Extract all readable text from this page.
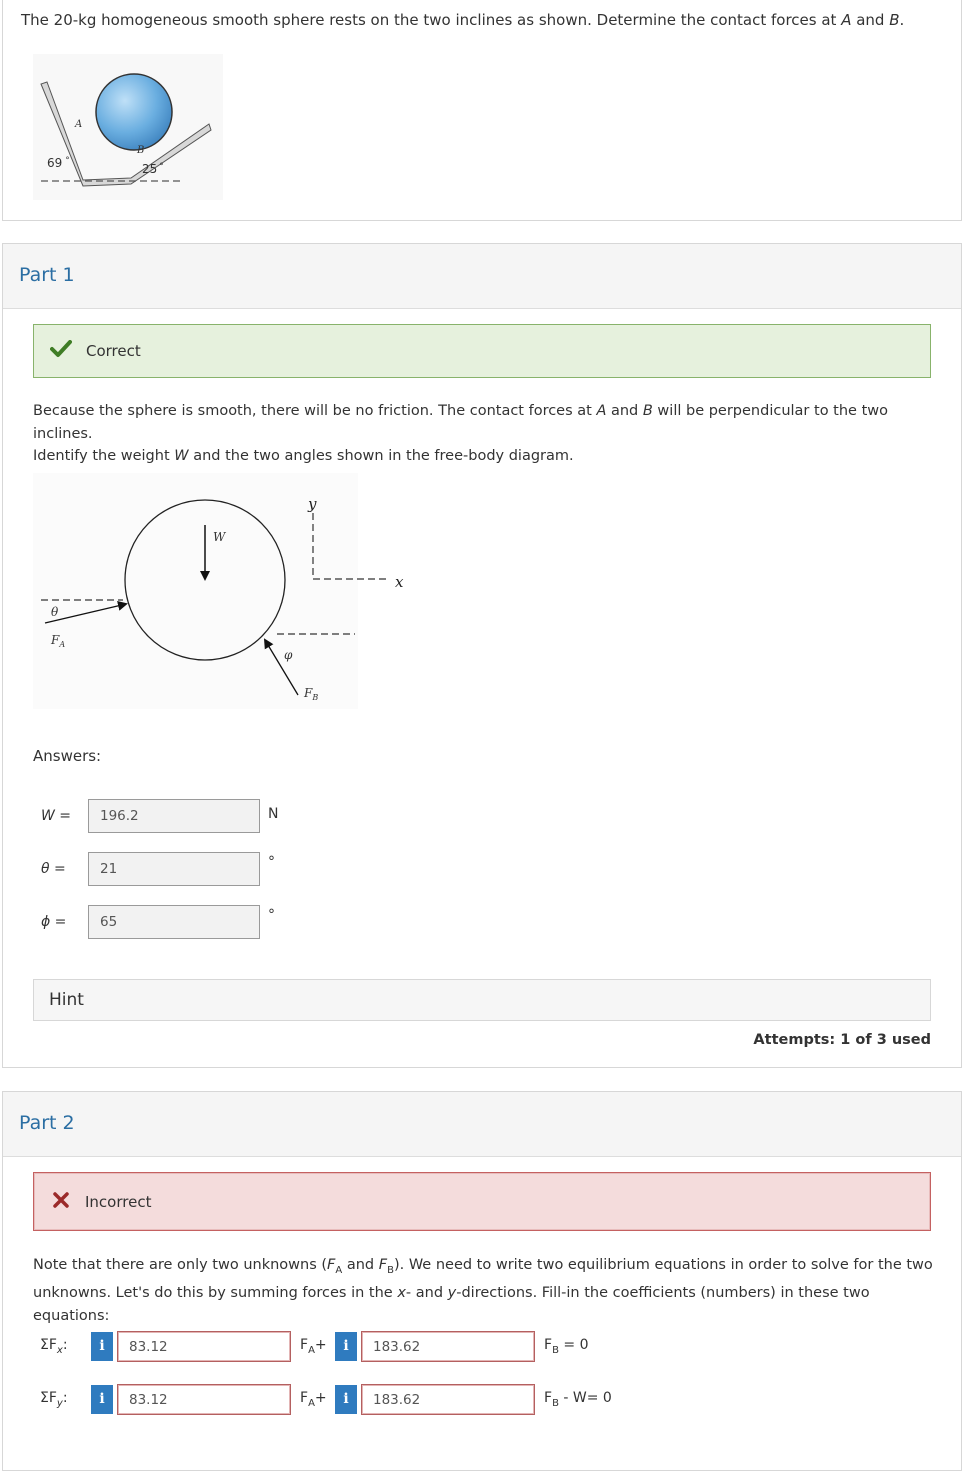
The 20-kg homogeneous smooth sphere rests on the two inclines as shown. Determine the contact forces at A and B.
A
B
69 °
25 °
Part 1
Correct
Because the sphere is smooth, there will be no friction. The contact forces at A and B will be perpendicular to the two inclines.
Identify the weight W and the two angles shown in the free-body diagram.
W
y
x
θ
$F_A$
φ
$F_B$
Answers:
W =	196.2	N
θ =	21	°
ϕ =	65	°
Hint
Attempts: 1 of 3 used
Part 2
Incorrect
Note that there are only two unknowns ($F_A$ and $F_B$). We need to write two equilibrium equations in order to solve for the two
unknowns. Let's do this by summing forces in the x- and y-directions. Fill-in the coefficients (numbers) in these two equations:
$\Sigma F_x$:	i	83.12	$F_A+$	i	183.62	$F_B = 0$
$\Sigma F_y$:	i	83.12	$F_A+$	i	183.62	$F_B - W= 0$
